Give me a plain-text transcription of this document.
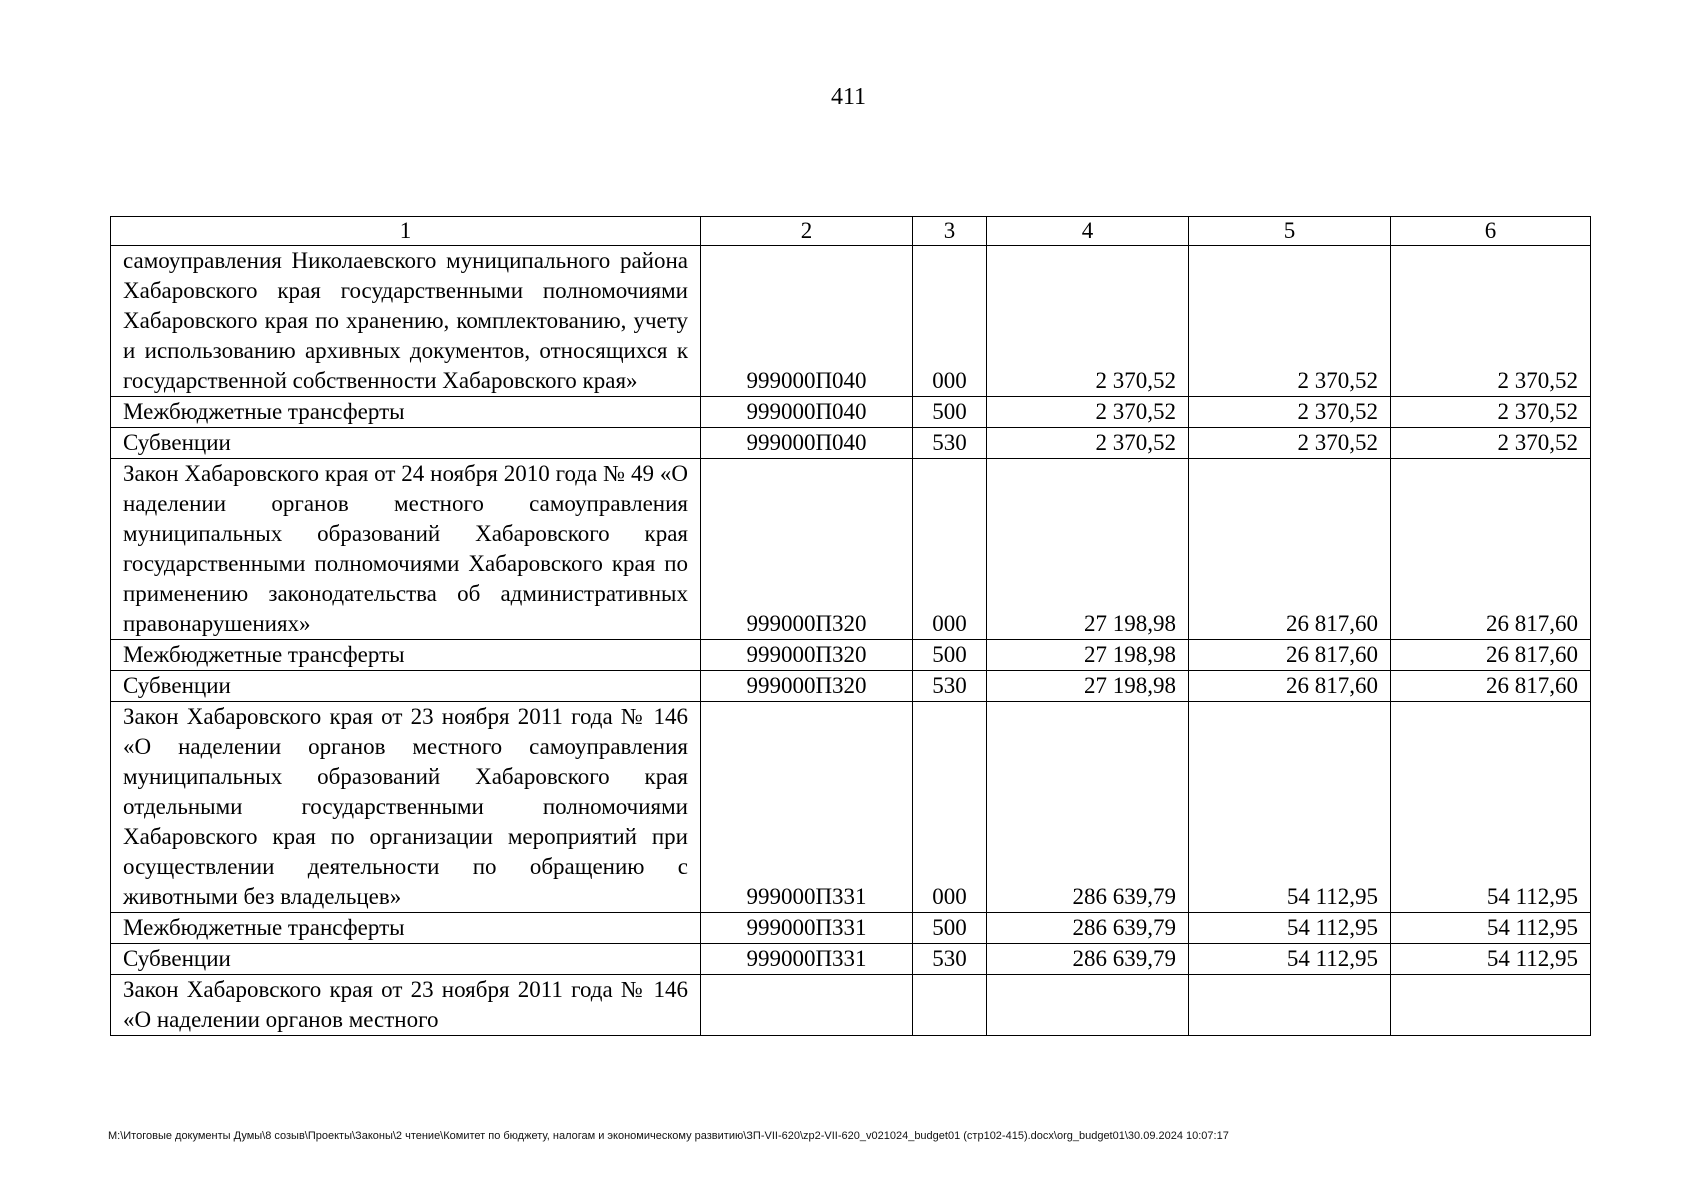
411
1	2	3	4	5	6
самоуправления Николаевского муниципального района Хабаровского края государственными полномочиями Хабаровского края по хранению, комплектованию, учету и использованию архивных документов, относящихся к государственной собственности Хабаровского края»	999000П040	000	2 370,52	2 370,52	2 370,52
Межбюджетные трансферты	999000П040	500	2 370,52	2 370,52	2 370,52
Субвенции	999000П040	530	2 370,52	2 370,52	2 370,52
Закон Хабаровского края от 24 ноября 2010 года № 49 «О наделении органов местного самоуправления муниципальных образований Хабаровского края государственными полномочиями Хабаровского края по применению законодательства об административных правонарушениях»	999000П320	000	27 198,98	26 817,60	26 817,60
Межбюджетные трансферты	999000П320	500	27 198,98	26 817,60	26 817,60
Субвенции	999000П320	530	27 198,98	26 817,60	26 817,60
Закон Хабаровского края от 23 ноября 2011 года № 146 «О наделении органов местного самоуправления муниципальных образований Хабаровского края отдельными государственными полномочиями Хабаровского края по организации мероприятий при осуществлении деятельности по обращению с животными без владельцев»	999000П331	000	286 639,79	54 112,95	54 112,95
Межбюджетные трансферты	999000П331	500	286 639,79	54 112,95	54 112,95
Субвенции	999000П331	530	286 639,79	54 112,95	54 112,95
Закон Хабаровского края от 23 ноября 2011 года № 146 «О наделении органов местного					
М:\Итоговые документы Думы\8 созыв\Проекты\Законы\2 чтение\Комитет по бюджету, налогам и экономическому развитию\ЗП-VII-620\zp2-VII-620_v021024_budget01 (стр102-415).docx\org_budget01\30.09.2024 10:07:17
